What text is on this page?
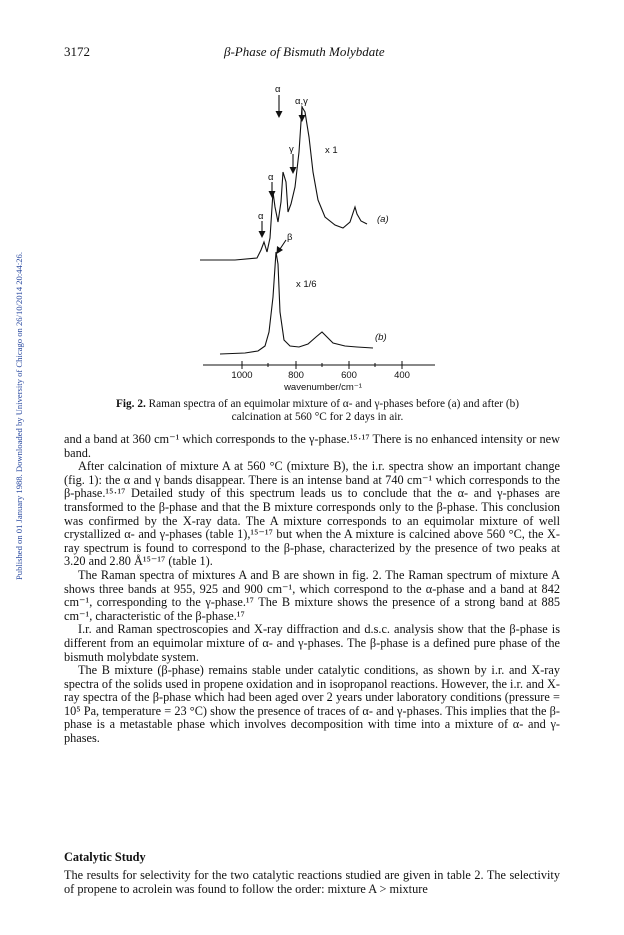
3172	β-Phase of Bismuth Molybdate
Published on 01 January 1988. Downloaded by University of Chicago on 26/10/2014 20:44:26.
α
α,γ
γ
α
α
β
x 1
x 1/6
(a)
(b)
1000	800	600	400
wavenumber/cm⁻¹
Fig. 2. Raman spectra of an equimolar mixture of α- and γ-phases before (a) and after (b) calcination at 560 °C for 2 days in air.

and a band at 360 cm⁻¹ which corresponds to the γ-phase.¹⁵·¹⁷ There is no enhanced intensity or new band.

After calcination of mixture A at 560 °C (mixture B), the i.r. spectra show an important change (fig. 1): the α and γ bands disappear. There is an intense band at 740 cm⁻¹ which corresponds to the β-phase.¹⁵·¹⁷ Detailed study of this spectrum leads us to conclude that the α- and γ-phases are transformed to the β-phase and that the B mixture corresponds only to the β-phase. This conclusion was confirmed by the X-ray data. The A mixture corresponds to an equimolar mixture of well crystallized α- and γ-phases (table 1),¹⁵⁻¹⁷ but when the A mixture is calcined above 560 °C, the X-ray spectrum is found to correspond to the β-phase, characterized by the presence of two peaks at 3.20 and 2.80 Å¹⁵⁻¹⁷ (table 1).

The Raman spectra of mixtures A and B are shown in fig. 2. The Raman spectrum of mixture A shows three bands at 955, 925 and 900 cm⁻¹, which correspond to the α-phase and a band at 842 cm⁻¹, corresponding to the γ-phase.¹⁷ The B mixture shows the presence of a strong band at 885 cm⁻¹, characteristic of the β-phase.¹⁷

I.r. and Raman spectroscopies and X-ray diffraction and d.s.c. analysis show that the β-phase is different from an equimolar mixture of α- and γ-phases. The β-phase is a defined pure phase of the bismuth molybdate system.

The B mixture (β-phase) remains stable under catalytic conditions, as shown by i.r. and X-ray spectra of the solids used in propene oxidation and in isopropanol reactions. However, the i.r. and X-ray spectra of the β-phase which had been aged over 2 years under laboratory conditions (pressure = 10⁵ Pa, temperature = 23 °C) show the presence of traces of α- and γ-phases. This implies that the β-phase is a metastable phase which involves decomposition with time into a mixture of α- and γ-phases.

Catalytic Study

The results for selectivity for the two catalytic reactions studied are given in table 2. The selectivity of propene to acrolein was found to follow the order: mixture A > mixture
